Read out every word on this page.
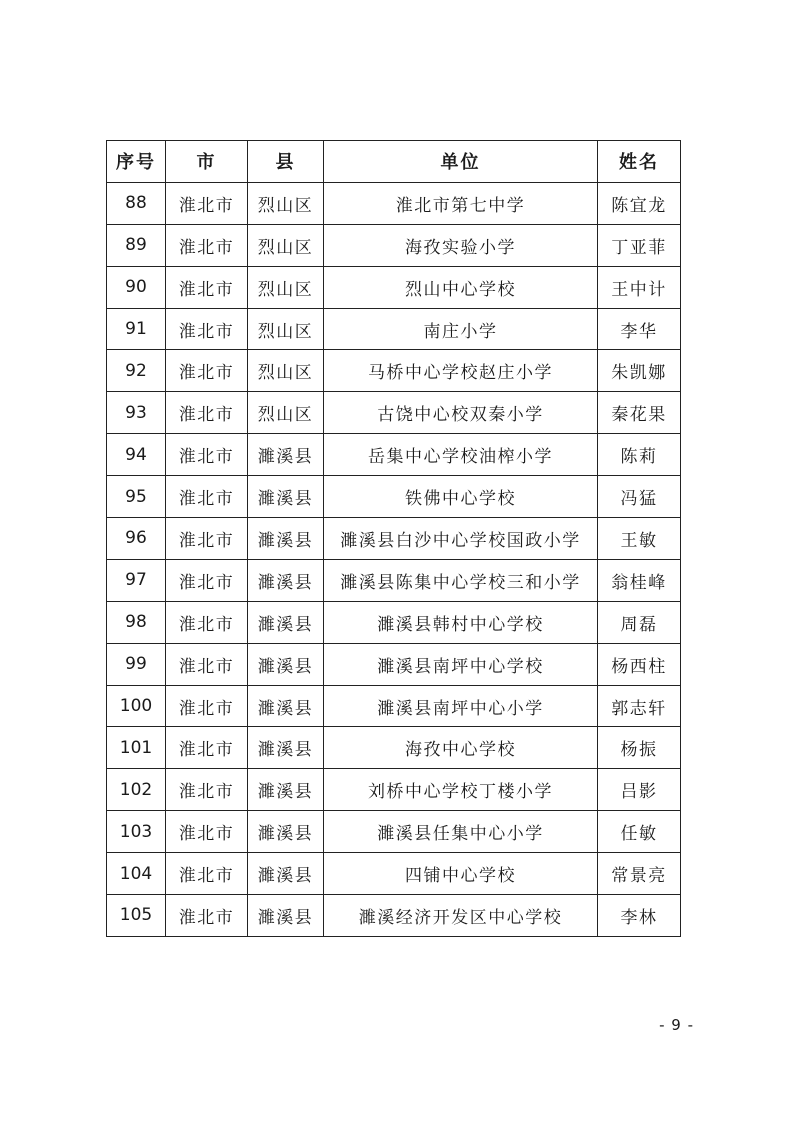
序号	市	县	单位	姓名
88	淮北市	烈山区	淮北市第七中学	陈宜龙
89	淮北市	烈山区	海孜实验小学	丁亚菲
90	淮北市	烈山区	烈山中心学校	王中计
91	淮北市	烈山区	南庄小学	李华
92	淮北市	烈山区	马桥中心学校赵庄小学	朱凯娜
93	淮北市	烈山区	古饶中心校双秦小学	秦花果
94	淮北市	濉溪县	岳集中心学校油榨小学	陈莉
95	淮北市	濉溪县	铁佛中心学校	冯猛
96	淮北市	濉溪县	濉溪县白沙中心学校国政小学	王敏
97	淮北市	濉溪县	濉溪县陈集中心学校三和小学	翁桂峰
98	淮北市	濉溪县	濉溪县韩村中心学校	周磊
99	淮北市	濉溪县	濉溪县南坪中心学校	杨西柱
100	淮北市	濉溪县	濉溪县南坪中心小学	郭志轩
101	淮北市	濉溪县	海孜中心学校	杨振
102	淮北市	濉溪县	刘桥中心学校丁楼小学	吕影
103	淮北市	濉溪县	濉溪县任集中心小学	任敏
104	淮北市	濉溪县	四铺中心学校	常景亮
105	淮北市	濉溪县	濉溪经济开发区中心学校	李林
- 9 -
